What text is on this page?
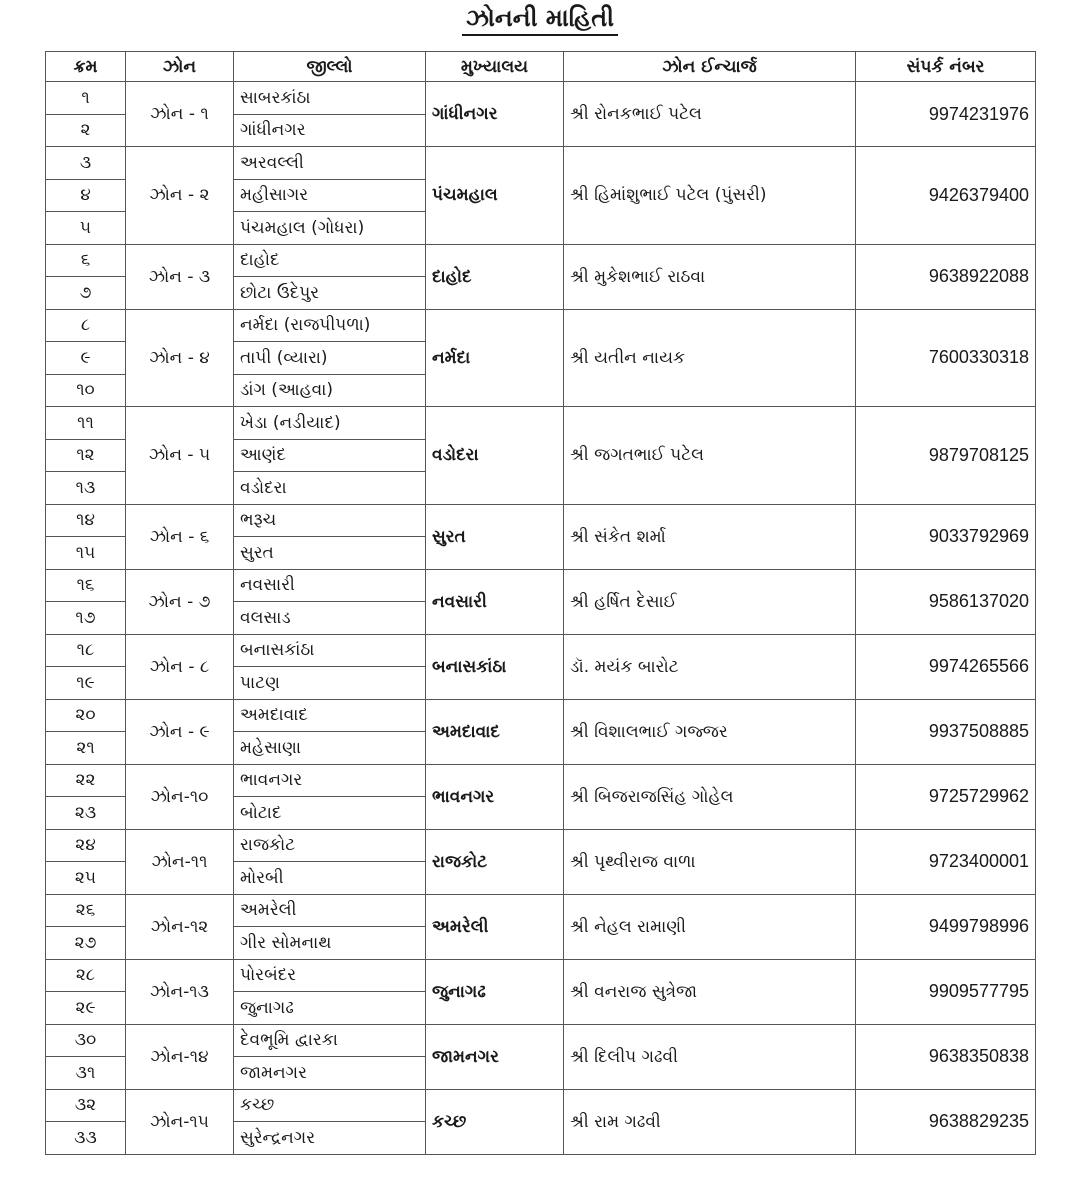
ઝોનની માહિતી
ક્રમ	ઝોન	જીલ્લો	મુખ્યાલય	ઝોન ઈન્ચાર્જ	સંપર્ક નંબર
૧	ઝોન - ૧	સાબરકાંઠા	ગાંધીનગર	શ્રી રોનકભાઈ પટેલ	9974231976
૨		ગાંધીનગર			
૩	ઝોન - ૨	અરવલ્લી	પંચમહાલ	શ્રી હિમાંશુભાઈ પટેલ (પુંસરી)	9426379400
૪		મહીસાગર			
૫		પંચમહાલ (ગોધરા)			
૬	ઝોન - ૩	દાહોદ	દાહોદ	શ્રી મુકેશભાઈ રાઠવા	9638922088
૭		છોટા ઉદેપુર			
૮	ઝોન - ૪	નર્મદા (રાજપીપળા)	નર્મદા	શ્રી યતીન નાયક	7600330318
૯		તાપી (વ્યારા)			
૧૦		ડાંગ (આહવા)			
૧૧	ઝોન - ૫	ખેડા (નડીયાદ)	વડોદરા	શ્રી જગતભાઈ પટેલ	9879708125
૧૨		આણંદ			
૧૩		વડોદરા			
૧૪	ઝોન - ૬	ભરૂચ	સુરત	શ્રી સંકેત શર્મા	9033792969
૧૫		સુરત			
૧૬	ઝોન - ૭	નવસારી	નવસારી	શ્રી હર્ષિત દેસાઈ	9586137020
૧૭		વલસાડ			
૧૮	ઝોન - ૮	બનાસકાંઠા	બનાસકાંઠા	ડૉ. મયંક બારોટ	9974265566
૧૯		પાટણ			
૨૦	ઝોન - ૯	અમદાવાદ	અમદાવાદ	શ્રી વિશાલભાઈ ગજ્જર	9937508885
૨૧		મહેસાણા			
૨૨	ઝોન-૧૦	ભાવનગર	ભાવનગર	શ્રી બિજરાજસિંહ ગોહેલ	9725729962
૨૩		બોટાદ			
૨૪	ઝોન-૧૧	રાજકોટ	રાજકોટ	શ્રી પૃથ્વીરાજ વાળા	9723400001
૨૫		મોરબી			
૨૬	ઝોન-૧૨	અમરેલી	અમરેલી	શ્રી નેહલ રામાણી	9499798996
૨૭		ગીર સોમનાથ			
૨૮	ઝોન-૧૩	પોરબંદર	જુનાગઢ	શ્રી વનરાજ સુત્રેજા	9909577795
૨૯		જુનાગઢ			
૩૦	ઝોન-૧૪	દેવભૂમિ દ્વારકા	જામનગર	શ્રી દિલીપ ગઢવી	9638350838
૩૧		જામનગર			
૩૨	ઝોન-૧૫	કચ્છ	કચ્છ	શ્રી રામ ગઢવી	9638829235
૩૩		સુરેન્દ્રનગર			
